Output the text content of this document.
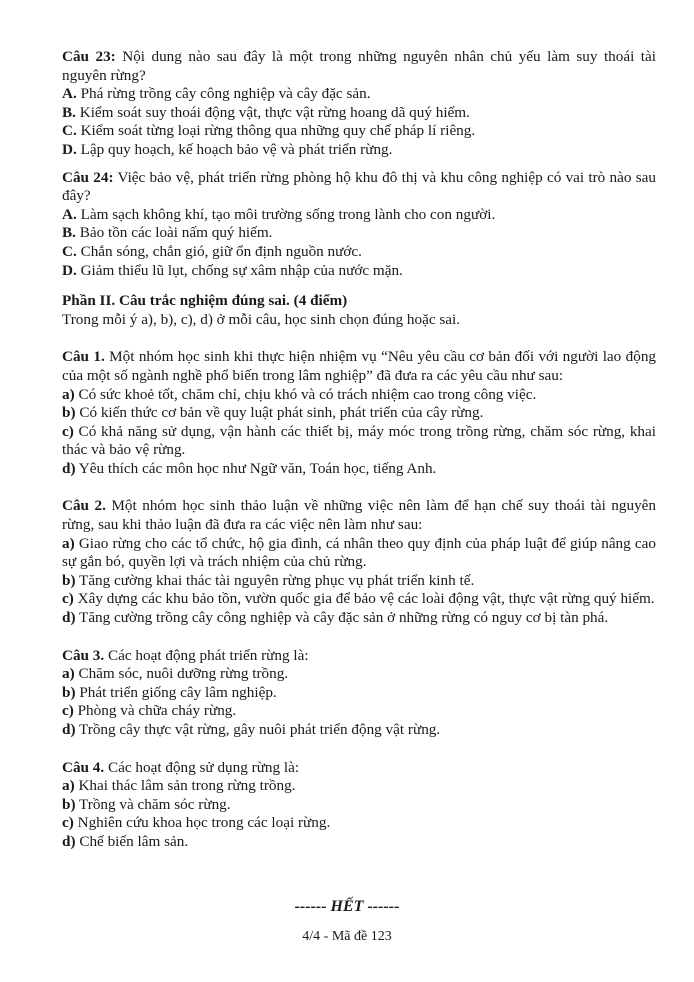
Câu 23: Nội dung nào sau đây là một trong những nguyên nhân chủ yếu làm suy thoái tài nguyên rừng?
A. Phá rừng trồng cây công nghiệp và cây đặc sản.
B. Kiểm soát suy thoái động vật, thực vật rừng hoang dã quý hiếm.
C. Kiểm soát từng loại rừng thông qua những quy chế pháp lí riêng.
D. Lập quy hoạch, kế hoạch bảo vệ và phát triển rừng.
Câu 24: Việc bảo vệ, phát triển rừng phòng hộ khu đô thị và khu công nghiệp có vai trò nào sau đây?
A. Làm sạch không khí, tạo môi trường sống trong lành cho con người.
B. Bảo tồn các loài nấm quý hiếm.
C. Chắn sóng, chắn gió, giữ ổn định nguồn nước.
D. Giảm thiểu lũ lụt, chống sự xâm nhập của nước mặn.
Phần II. Câu trắc nghiệm đúng sai. (4 điểm)
Trong mỗi ý a), b), c), d) ở mỗi câu, học sinh chọn đúng hoặc sai.
Câu 1. Một nhóm học sinh khi thực hiện nhiệm vụ “Nêu yêu cầu cơ bản đối với người lao động của một số ngành nghề phổ biến trong lâm nghiệp” đã đưa ra các yêu cầu như sau:
a) Có sức khoẻ tốt, chăm chỉ, chịu khó và có trách nhiệm cao trong công việc.
b) Có kiến thức cơ bản về quy luật phát sinh, phát triển của cây rừng.
c) Có khả năng sử dụng, vận hành các thiết bị, máy móc trong trồng rừng, chăm sóc rừng, khai thác và bảo vệ rừng.
d) Yêu thích các môn học như Ngữ văn, Toán học, tiếng Anh.
Câu 2. Một nhóm học sinh thảo luận về những việc nên làm để hạn chế suy thoái tài nguyên rừng, sau khi thảo luận đã đưa ra các việc nên làm như sau:
a) Giao rừng cho các tổ chức, hộ gia đình, cá nhân theo quy định của pháp luật để giúp nâng cao sự gắn bó, quyền lợi và trách nhiệm của chủ rừng.
b) Tăng cường khai thác tài nguyên rừng phục vụ phát triển kinh tế.
c) Xây dựng các khu bảo tồn, vườn quốc gia để bảo vệ các loài động vật, thực vật rừng quý hiếm.
d) Tăng cường trồng cây công nghiệp và cây đặc sản ở những rừng có nguy cơ bị tàn phá.
Câu 3. Các hoạt động phát triển rừng là:
a) Chăm sóc, nuôi dưỡng rừng trồng.
b) Phát triển giống cây lâm nghiệp.
c) Phòng và chữa cháy rừng.
d) Trồng cây thực vật rừng, gây nuôi phát triển động vật rừng.
Câu 4. Các hoạt động sử dụng rừng là:
a) Khai thác lâm sản trong rừng trồng.
b) Trồng và chăm sóc rừng.
c) Nghiên cứu khoa học trong các loại rừng.
d) Chế biến lâm sản.
------ HẾT ------
4/4 - Mã đề 123
